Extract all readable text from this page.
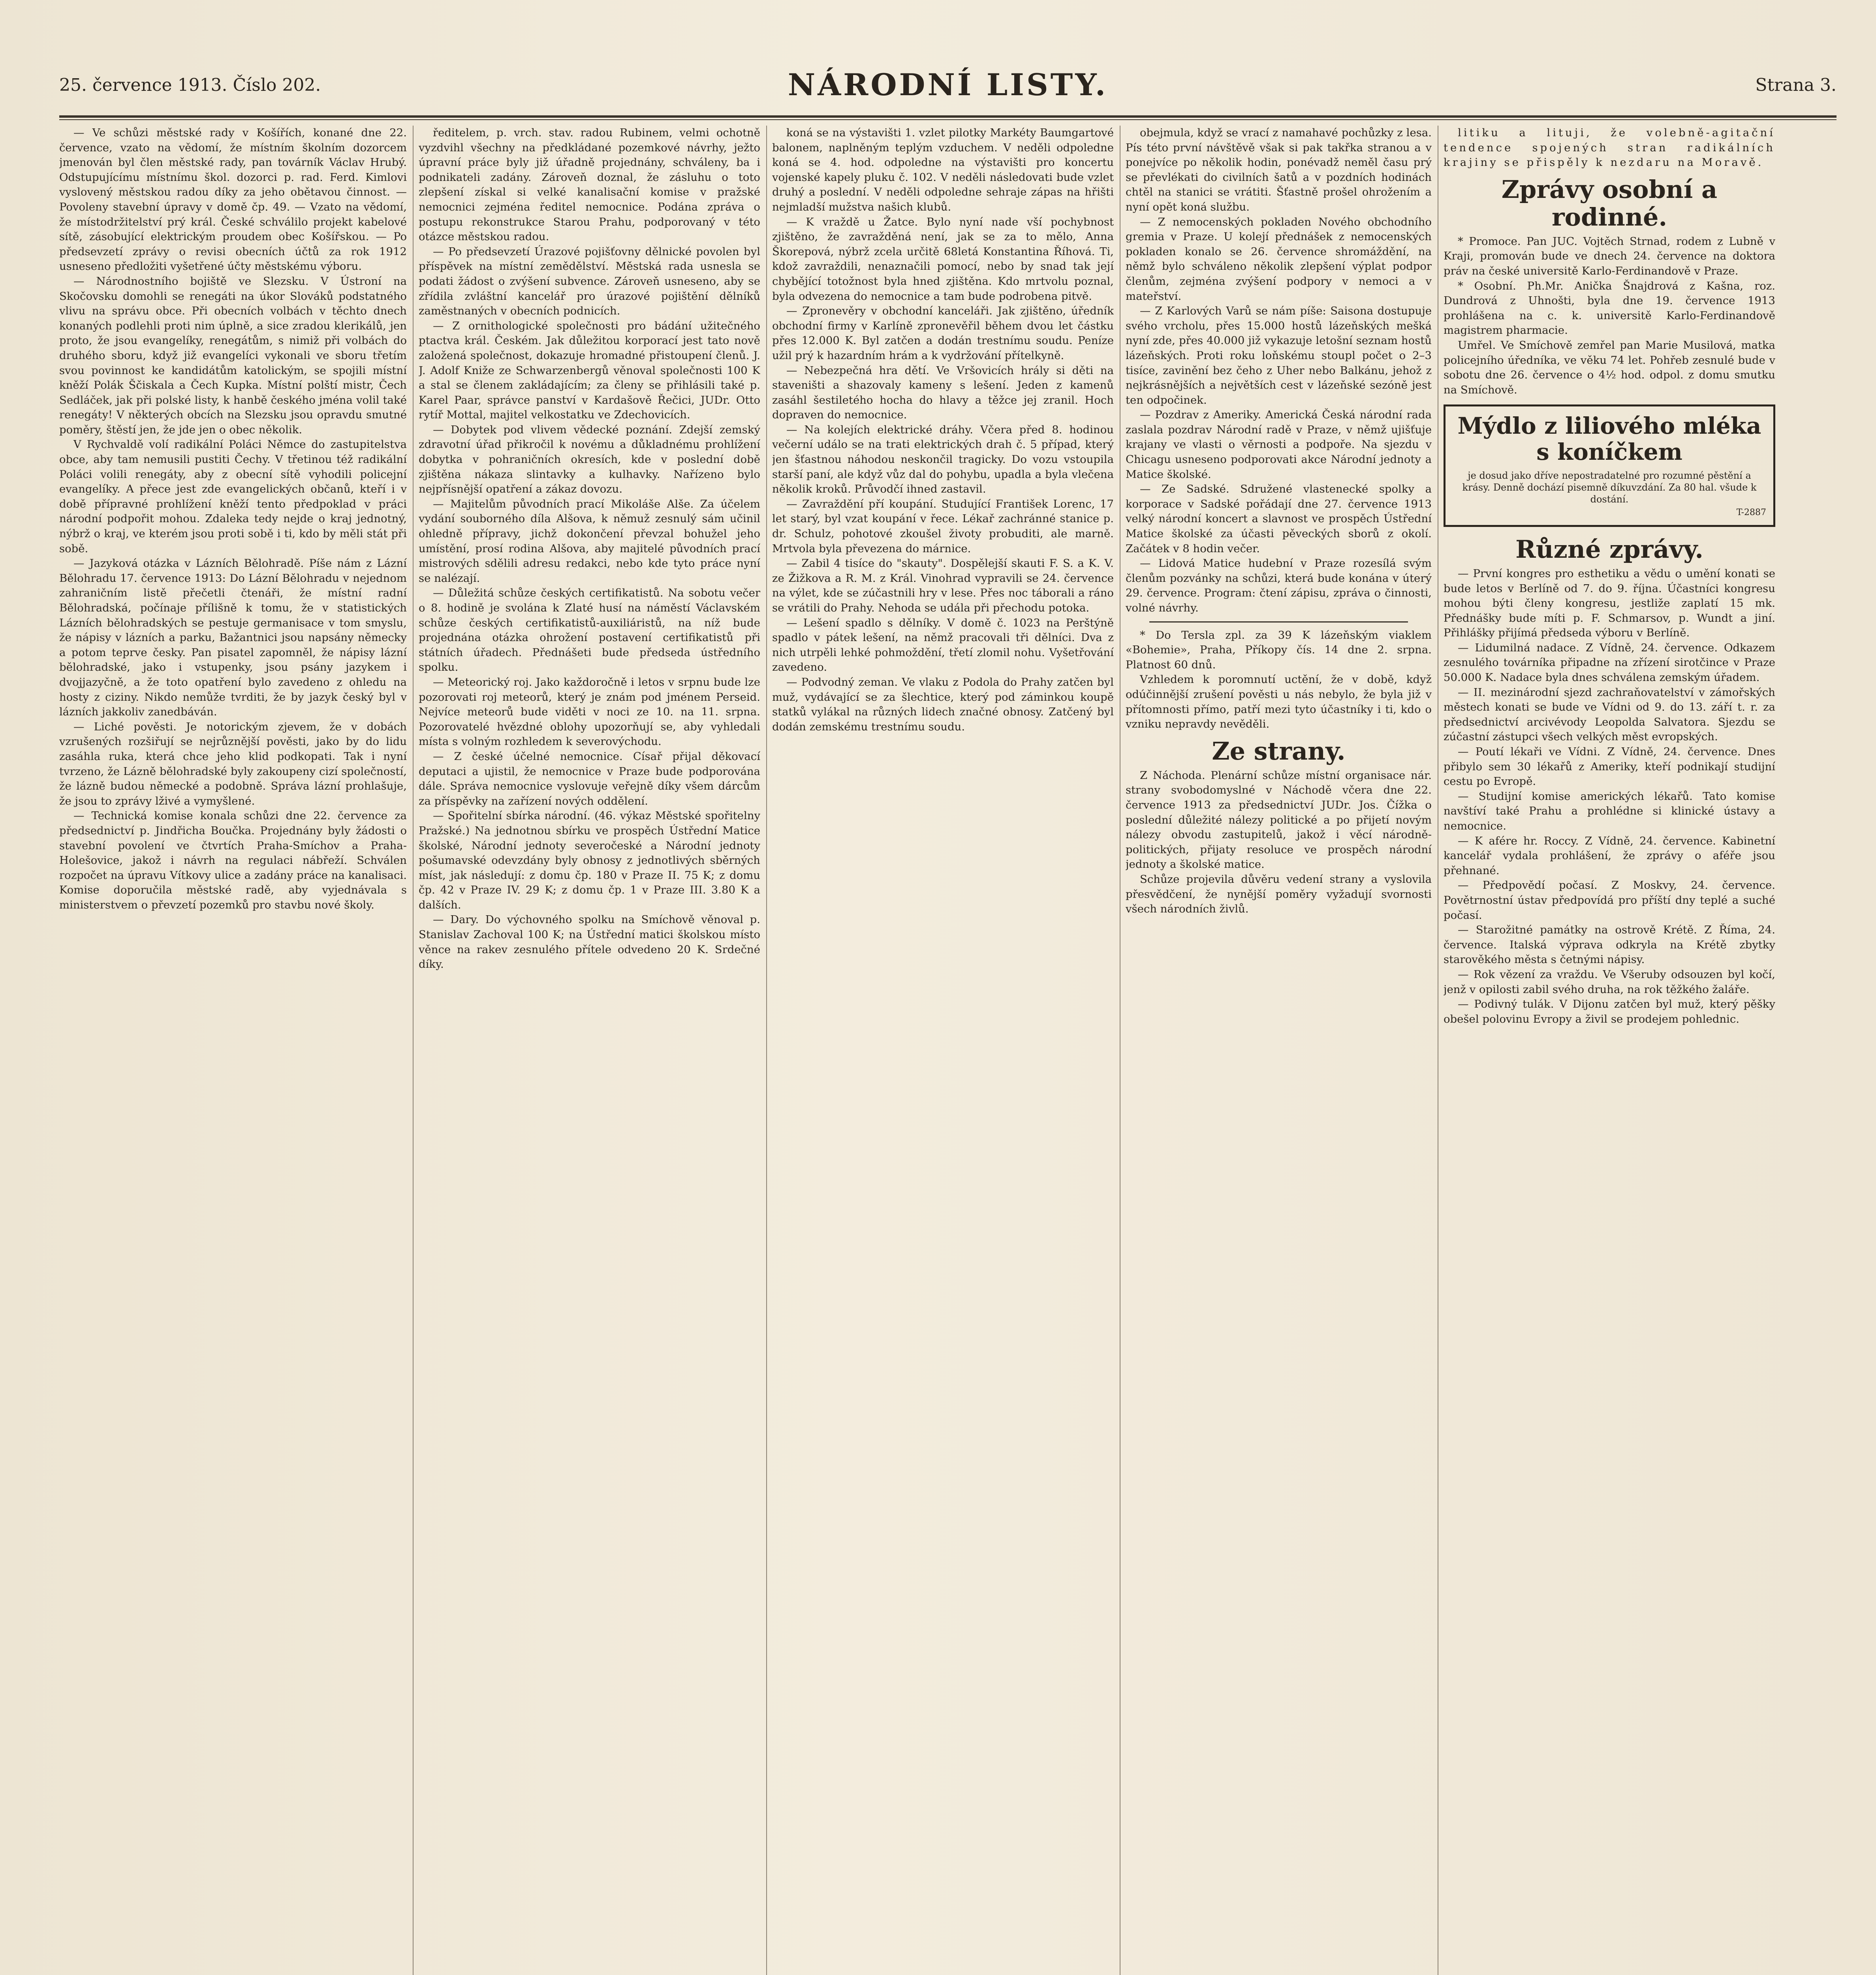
25. července 1913. Číslo 202.	NÁRODNÍ LISTY.	Strana 3.

— Ve schůzi městské rady v Košířích, konané dne 22. července, vzato na vědomí, že místním školním dozorcem jmenován byl člen městské rady, pan továrník Václav Hrubý. Odstupujícímu místnímu škol. dozorci p. rad. Ferd. Kimlovi vyslovený městskou radou díky za jeho obětavou činnost. — Povoleny stavební úpravy v domě čp. 49. — Vzato na vědomí, že místodržitelství prý král. České schválilo projekt kabelové sítě, zásobující elektrickým proudem obec Košířskou. — Po předsevzetí zprávy o revisi obecních účtů za rok 1912 usneseno předložiti vyšetřené účty městskému výboru.

— Národnostního bojiště ve Slezsku. V Ústroní na Skočovsku domohli se renegáti na úkor Slováků podstatného vlivu na správu obce. Při obecních volbách v těchto dnech konaných podlehli proti nim úplně, a sice zradou klerikálů, jen proto, že jsou evangelíky, renegátům, s nimiž při volbách do druhého sboru, když již evangelíci vykonali ve sboru třetím svou povinnost ke kandidátům katolickým, se spojili místní kněží Polák Ščiskala a Čech Kupka. Místní polští mistr, Čech Sedláček, jak při polské listy, k hanbě českého jména volil také renegáty! V některých obcích na Slezsku jsou opravdu smutné poměry, štěstí jen, že jde jen o obec několik.

V Rychvaldě volí radikální Poláci Němce do zastupitelstva obce, aby tam nemusili pustiti Čechy. V třetinou též radikální Poláci volili renegáty, aby z obecní sítě vyhodili policejní evangelíky. A přece jest zde evangelických občanů, kteří i v době přípravné prohlížení kněží tento předpoklad v práci národní podpořit mohou. Zdaleka tedy nejde o kraj jednotný, nýbrž o kraj, ve kterém jsou proti sobě i ti, kdo by měli stát při sobě.

— Jazyková otázka v Lázních Bělohradě. Píše nám z Lázní Bělohradu 17. července 1913: Do Lázní Bělohradu v nejednom zahraničním listě přečetli čtenáři, že místní radní Bělohradská, počínaje přílišně k tomu, že v statistických Lázních bělohradských se pestuje germanisace v tom smyslu, že nápisy v lázních a parku, Bažantnici jsou napsány německy a potom teprve česky. Pan pisatel zapomněl, že nápisy lázní bělohradské, jako i vstupenky, jsou psány jazykem i dvojjazyčně, a že toto opatření bylo zavedeno z ohledu na hosty z ciziny. Nikdo nemůže tvrditi, že by jazyk český byl v lázních jakkoliv zanedbáván.

— Liché pověsti. Je notorickým zjevem, že v dobách vzrušených rozšiřují se nejrůznější pověsti, jako by do lidu zasáhla ruka, která chce jeho klid podkopati. Tak i nyní tvrzeno, že Lázně bělohradské byly zakoupeny cizí společností, že lázně budou německé a podobně. Správa lázní prohlašuje, že jsou to zprávy lživé a vymyšlené.

— Technická komise konala schůzi dne 22. července za předsednictví p. Jindřicha Boučka. Projednány byly žádosti o stavební povolení ve čtvrtích Praha-Smíchov a Praha-Holešovice, jakož i návrh na regulaci nábřeží. Schválen rozpočet na úpravu Vítkovy ulice a zadány práce na kanalisaci. Komise doporučila městské radě, aby vyjednávala s ministerstvem o převzetí pozemků pro stavbu nové školy.

ředitelem, p. vrch. stav. radou Rubinem, velmi ochotně vyzdvihl všechny na předkládané pozemkové návrhy, ježto úpravní práce byly již úřadně projednány, schváleny, ba i podnikateli zadány. Zároveň doznal, že zásluhu o toto zlepšení získal si velké kanalisační komise v pražské nemocnici zejména ředitel nemocnice. Podána zpráva o postupu rekonstrukce Starou Prahu, podporovaný v této otázce městskou radou.

— Po předsevzetí Úrazové pojišťovny dělnické povolen byl příspěvek na místní zemědělství. Městská rada usnesla se podati žádost o zvýšení subvence. Zároveň usneseno, aby se zřídila zvláštní kancelář pro úrazové pojištění dělníků zaměstnaných v obecních podnicích.

— Z ornithologické společnosti pro bádání užitečného ptactva král. Českém. Jak důležitou korporací jest tato nově založená společnost, dokazuje hromadné přistoupení členů. J. J. Adolf Kniže ze Schwarzenbergů věnoval společnosti 100 K a stal se členem zakládajícím; za členy se přihlásili také p. Karel Paar, správce panství v Kardašově Řečici, JUDr. Otto rytíř Mottal, majitel velkostatku ve Zdechovicích.

— Dobytek pod vlivem vědecké poznání. Zdejší zemský zdravotní úřad přikročil k novému a důkladnému prohlížení dobytka v pohraničních okresích, kde v poslední době zjištěna nákaza slintavky a kulhavky. Nařízeno bylo nejpřísnější opatření a zákaz dovozu.

— Majitelům původních prací Mikoláše Alše. Za účelem vydání souborného díla Alšova, k němuž zesnulý sám učinil ohledně přípravy, jichž dokončení převzal bohužel jeho umístění, prosí rodina Alšova, aby majitelé původních prací mistrových sdělili adresu redakci, nebo kde tyto práce nyní se nalézají.

— Důležitá schůze českých certifikatistů. Na sobotu večer o 8. hodině je svolána k Zlaté husí na náměstí Václavském schůze českých certifikatistů-auxiliáristů, na níž bude projednána otázka ohrožení postavení certifikatistů při státních úřadech. Přednášeti bude předseda ústředního spolku.

— Meteorický roj. Jako každoročně i letos v srpnu bude lze pozorovati roj meteorů, který je znám pod jménem Perseid. Nejvíce meteorů bude viděti v noci ze 10. na 11. srpna. Pozorovatelé hvězdné oblohy upozorňují se, aby vyhledali místa s volným rozhledem k severovýchodu.

— Z české účelné nemocnice. Císař přijal děkovací deputaci a ujistil, že nemocnice v Praze bude podporována dále. Správa nemocnice vyslovuje veřejně díky všem dárcům za příspěvky na zařízení nových oddělení.

— Spořitelní sbírka národní. (46. výkaz Městské spořitelny Pražské.) Na jednotnou sbírku ve prospěch Ústřední Matice školské, Národní jednoty severočeské a Národní jednoty pošumavské odevzdány byly obnosy z jednotlivých sběrných míst, jak následují: z domu čp. 180 v Praze II. 75 K; z domu čp. 42 v Praze IV. 29 K; z domu čp. 1 v Praze III. 3.80 K a dalších.

— Dary. Do výchovného spolku na Smíchově věnoval p. Stanislav Zachoval 100 K; na Ústřední matici školskou místo věnce na rakev zesnulého přítele odvedeno 20 K. Srdečné díky.

koná se na výstavišti 1. vzlet pilotky Markéty Baumgartové balonem, naplněným teplým vzduchem. V neděli odpoledne koná se 4. hod. odpoledne na výstavišti pro koncertu vojenské kapely pluku č. 102. V neděli následovati bude vzlet druhý a poslední. V neděli odpoledne sehraje zápas na hřišti nejmladší mužstva našich klubů.

— K vraždě u Žatce. Bylo nyní nade vší pochybnost zjištěno, že zavražděná není, jak se za to mělo, Anna Škorepová, nýbrž zcela určitě 68letá Konstantina Říhová. Ti, kdož zavraždili, nenaznačili pomocí, nebo by snad tak její chybějící totožnost byla hned zjištěna. Kdo mrtvolu poznal, byla odvezena do nemocnice a tam bude podrobena pitvě.

— Zpronevěry v obchodní kanceláři. Jak zjištěno, úředník obchodní firmy v Karlíně zpronevěřil během dvou let částku přes 12.000 K. Byl zatčen a dodán trestnímu soudu. Peníze užil prý k hazardním hrám a k vydržování přítelkyně.

— Nebezpečná hra dětí. Ve Vršovicích hrály si děti na staveništi a shazovaly kameny s lešení. Jeden z kamenů zasáhl šestiletého hocha do hlavy a těžce jej zranil. Hoch dopraven do nemocnice.

— Na kolejích elektrické dráhy. Včera před 8. hodinou večerní událo se na trati elektrických drah č. 5 případ, který jen šťastnou náhodou neskončil tragicky. Do vozu vstoupila starší paní, ale když vůz dal do pohybu, upadla a byla vlečena několik kroků. Průvodčí ihned zastavil.

— Zavraždění pří koupání. Studující František Lorenc, 17 let starý, byl vzat koupání v řece. Lékař zachránné stanice p. dr. Schulz, pohotové zkoušel životy probuditi, ale marně. Mrtvola byla převezena do márnice.

— Zabil 4 tisíce do "skauty". Dospělejší skauti F. S. a K. V. ze Žižkova a R. M. z Král. Vinohrad vypravili se 24. července na výlet, kde se zúčastnili hry v lese. Přes noc táborali a ráno se vrátili do Prahy. Nehoda se udála při přechodu potoka.

— Lešení spadlo s dělníky. V domě č. 1023 na Perštýně spadlo v pátek lešení, na němž pracovali tři dělníci. Dva z nich utrpěli lehké pohmoždění, třetí zlomil nohu. Vyšetřování zavedeno.

— Podvodný zeman. Ve vlaku z Podola do Prahy zatčen byl muž, vydávající se za šlechtice, který pod záminkou koupě statků vylákal na různých lidech značné obnosy. Zatčený byl dodán zemskému trestnímu soudu.

obejmula, když se vrací z namahavé pochůzky z lesa. Pís této první návštěvě však si pak takřka stranou a v ponejvíce po několik hodin, ponévadž neměl času prý se převlékati do civilních šatů a v pozdních hodinách chtěl na stanici se vrátiti. Šťastně prošel ohrožením a nyní opět koná službu.

— Z nemocenských pokladen Nového obchodního gremia v Praze. U kolejí přednášek z nemocenských pokladen konalo se 26. července shromáždění, na němž bylo schváleno několik zlepšení výplat podpor členům, zejména zvýšení podpory v nemoci a v mateřství.

— Z Karlových Varů se nám píše: Saisona dostupuje svého vrcholu, přes 15.000 hostů lázeňských mešká nyní zde, přes 40.000 již vykazuje letošní seznam hostů lázeňských. Proti roku loňskému stoupl počet o 2–3 tisíce, zavinění bez čeho z Uher nebo Balkánu, jehož z nejkrásnějších a největších cest v lázeňské sezóně jest ten odpočinek.

— Pozdrav z Ameriky. Americká Česká národní rada zaslala pozdrav Národní radě v Praze, v němž ujišťuje krajany ve vlasti o věrnosti a podpoře. Na sjezdu v Chicagu usneseno podporovati akce Národní jednoty a Matice školské.

— Ze Sadské. Sdružené vlastenecké spolky a korporace v Sadské pořádají dne 27. července 1913 velký národní koncert a slavnost ve prospěch Ústřední Matice školské za účasti pěveckých sborů z okolí. Začátek v 8 hodin večer.

— Lidová Matice hudební v Praze rozesílá svým členům pozvánky na schůzi, která bude konána v úterý 29. července. Program: čtení zápisu, zpráva o činnosti, volné návrhy.

* Do Tersla zpl. za 39 K lázeňským viaklem «Bohemie», Praha, Příkopy čís. 14 dne 2. srpna. Platnost 60 dnů.

Vzhledem k poromnutí uctění, že v době, když odúčinnější zrušení pověsti u nás nebylo, že byla již v přítomnosti přímo, patří mezi tyto účastníky i ti, kdo o vzniku nepravdy nevěděli.

Ze strany.

Z Náchoda. Plenární schůze místní organisace nár. strany svobodomyslné v Náchodě včera dne 22. července 1913 za předsednictví JUDr. Jos. Čížka o poslední důležité nálezy politické a po přijetí novým nálezy obvodu zastupitelů, jakož i věcí národně-politických, přijaty resoluce ve prospěch národní jednoty a školské matice.

Schůze projevila důvěru vedení strany a vyslovila přesvědčení, že nynější poměry vyžadují svornosti všech národních živlů.

litiku a lituji, že volebně-agitační tendence spojených stran radikálních krajiny se přispěly k nezdaru na Moravě.

Zprávy osobní a rodinné.

* Promoce. Pan JUC. Vojtěch Strnad, rodem z Lubně v Kraji, promován bude ve dnech 24. července na doktora práv na české universitě Karlo-Ferdinandově v Praze.

* Osobní. Ph.Mr. Anička Šnajdrová z Kašna, roz. Dundrová z Uhnošti, byla dne 19. července 1913 prohlášena na c. k. universitě Karlo-Ferdinandově magistrem pharmacie.

Umřel. Ve Smíchově zemřel pan Marie Musilová, matka policejního úředníka, ve věku 74 let. Pohřeb zesnulé bude v sobotu dne 26. července o 4½ hod. odpol. z domu smutku na Smíchově.

Mýdlo z liliového mléka
s koníčkem
je dosud jako dříve nepostradatelné pro rozumné pěstění a krásy. Denně dochází pisemně díkuvzdání. Za 80 hal. všude k dostání.
T-2887
Různé zprávy.

— První kongres pro esthetiku a vědu o umění konati se bude letos v Berlíně od 7. do 9. října. Účastníci kongresu mohou býti členy kongresu, jestliže zaplatí 15 mk. Přednášky bude míti p. F. Schmarsov, p. Wundt a jiní. Přihlášky přijímá předseda výboru v Berlíně.

— Lidumilná nadace. Z Vídně, 24. července. Odkazem zesnulého továrníka připadne na zřízení sirotčince v Praze 50.000 K. Nadace byla dnes schválena zemským úřadem.

— II. mezinárodní sjezd zachraňovatelství v zámořských městech konati se bude ve Vídni od 9. do 13. září t. r. za předsednictví arcivévody Leopolda Salvatora. Sjezdu se zúčastní zástupci všech velkých měst evropských.

— Poutí lékaři ve Vídni. Z Vídně, 24. července. Dnes přibylo sem 30 lékařů z Ameriky, kteří podnikají studijní cestu po Evropě.

— Studijní komise amerických lékařů. Tato komise navštíví také Prahu a prohlédne si klinické ústavy a nemocnice.

— K afére hr. Roccy. Z Vídně, 24. července. Kabinetní kancelář vydala prohlášení, že zprávy o aféře jsou přehnané.

— Předpovědí počasí. Z Moskvy, 24. července. Povětrnostní ústav předpovídá pro příští dny teplé a suché počasí.

— Starožitné památky na ostrově Krétě. Z Říma, 24. července. Italská výprava odkryla na Krétě zbytky starověkého města s četnými nápisy.

— Rok vězení za vraždu. Ve Všeruby odsouzen byl kočí, jenž v opilosti zabil svého druha, na rok těžkého žaláře.

— Podivný tulák. V Dijonu zatčen byl muž, který pěšky obešel polovinu Evropy a živil se prodejem pohlednic.
